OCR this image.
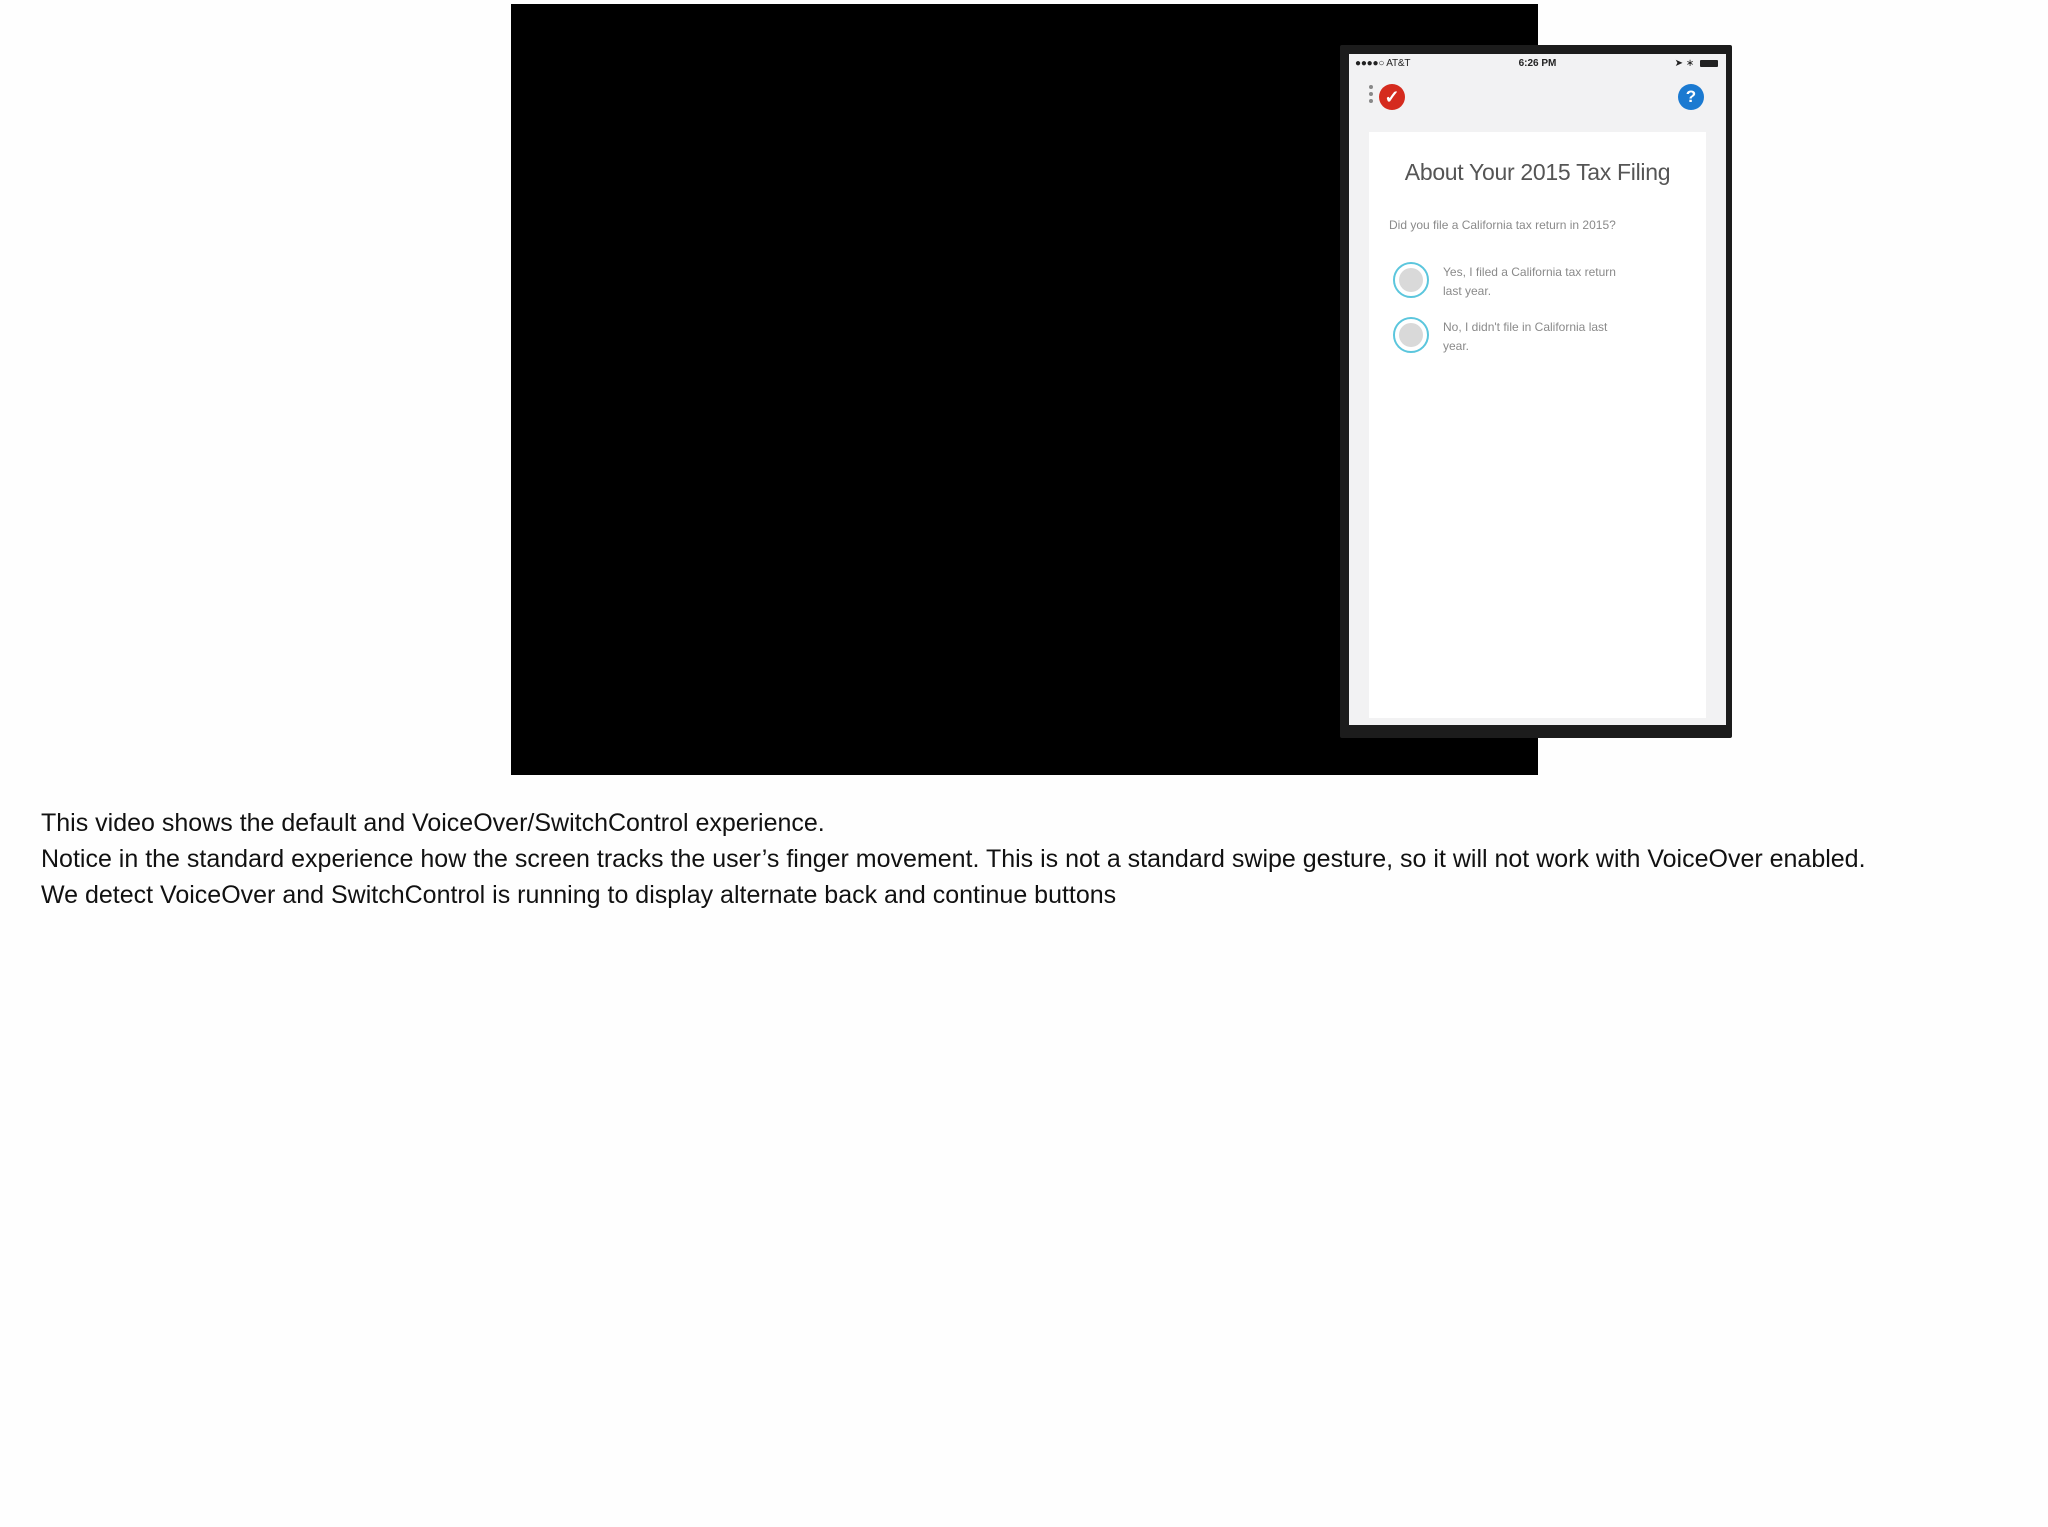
●●●●○ AT&T	6:26 PM	➤ ∗
✓	?
About Your 2015 Tax Filing
Did you file a California tax return in 2015?
Yes, I filed a California tax return last year.
No, I didn't file in California last year.
This video shows the default and VoiceOver/SwitchControl experience.
Notice in the standard experience how the screen tracks the user’s finger movement. This is not a standard swipe gesture, so it will not work with VoiceOver enabled.
We detect VoiceOver and SwitchControl is running to display alternate back and continue buttons
